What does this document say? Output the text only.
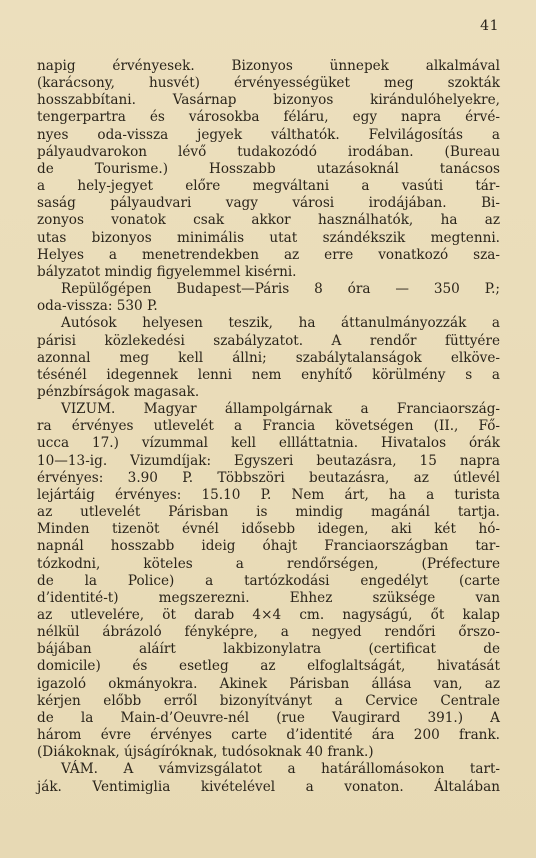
41
napig érvényesek. Bizonyos ünnepek alkalmával
(karácsony, husvét) érvényességüket meg szokták
hosszabbítani. Vasárnap bizonyos kirándulóhelyekre,
tengerpartra és városokba féláru, egy napra érvé-
nyes oda-vissza jegyek válthatók. Felvilágosítás a
pályaudvarokon lévő tudakozódó irodában. (Bureau
de Tourisme.) Hosszabb utazásoknál tanácsos
a hely-jegyet előre megváltani a vasúti tár-
saság pályaudvari vagy városi irodájában. Bi-
zonyos vonatok csak akkor használhatók, ha az
utas bizonyos minimális utat szándékszik megtenni.
Helyes a menetrendekben az erre vonatkozó sza-
bályzatot mindig figyelemmel kisérni.
Repülőgépen Budapest—Páris 8 óra — 350 P.;
oda-vissza: 530 P.
Autósok helyesen teszik, ha áttanulmányozzák a
párisi közlekedési szabályzatot. A rendőr füttyére
azonnal meg kell állni; szabálytalanságok elköve-
tésénél idegennek lenni nem enyhítő körülmény s a
pénzbírságok magasak.
VIZUM. Magyar állampolgárnak a Franciaország-
ra érvényes utlevelét a Francia követségen (II., Fő-
ucca 17.) vízummal kell ellláttatnia. Hivatalos órák
10—13-ig. Vizumdíjak: Egyszeri beutazásra, 15 napra
érvényes: 3.90 P. Többszöri beutazásra, az útlevél
lejártáig érvényes: 15.10 P. Nem árt, ha a turista
az utlevelét Párisban is mindig magánál tartja.
Minden tizenöt évnél idősebb idegen, aki két hó-
napnál hosszabb ideig óhajt Franciaországban tar-
tózkodni, köteles a rendőrségen, (Préfecture
de la Police) a tartózkodási engedélyt (carte
d’identité-t) megszerezni. Ehhez szüksége van
az utlevelére, öt darab 4×4 cm. nagyságú, őt kalap
nélkül ábrázoló fényképre, a negyed rendőri őrszo-
bájában aláírt lakbizonylatra (certificat de
domicile) és esetleg az elfoglaltságát, hivatását
igazoló okmányokra. Akinek Párisban állása van, az
kérjen előbb erről bizonyítványt a Cervice Centrale
de la Main-d’Oeuvre-nél (rue Vaugirard 391.) A
három évre érvényes carte d’identité ára 200 frank.
(Diákoknak, újságíróknak, tudósoknak 40 frank.)
VÁM. A vámvizsgálatot a határállomásokon tart-
ják. Ventimiglia kivételével a vonaton. Általában
